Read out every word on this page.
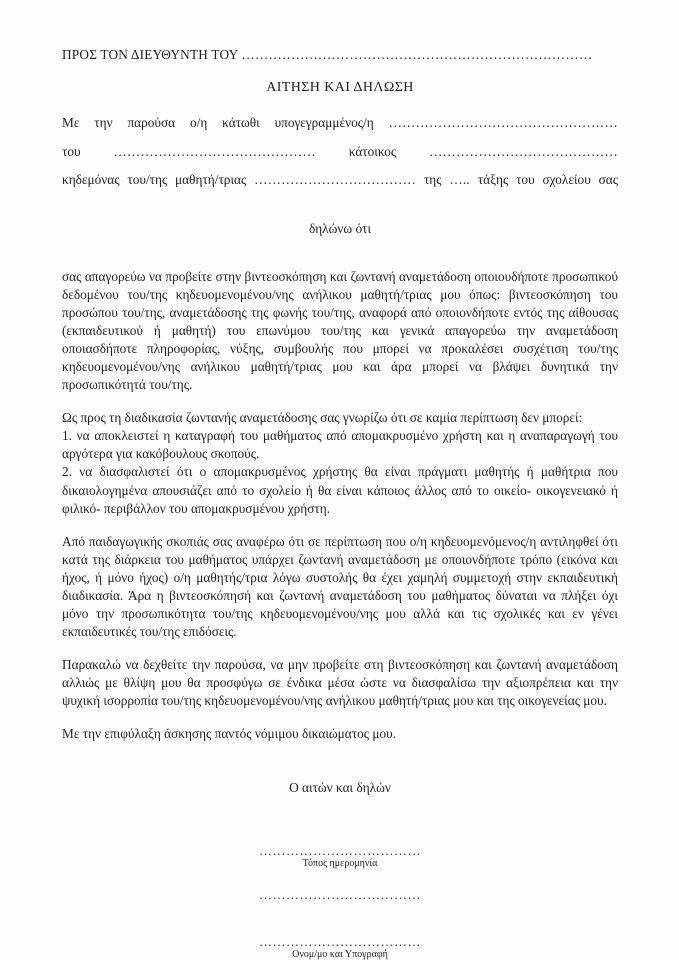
ΠΡΟΣ ΤΟΝ ΔΙΕΥΘΥΝΤΗ ΤΟΥ ……………………………………………………………………
ΑΙΤΗΣΗ ΚΑΙ ΔΗΛΩΣΗ
Με την παρούσα ο/η κάτωθι υπογεγραμμένος/η ……………………………………………
του ……………………………………… κάτοικος ……………………………………
κηδεμόνας του/της μαθητή/τριας ……………………………… της ….. τάξης του σχολείου σας
δηλώνω ότι
σας απαγορεύω να προβείτε στην βιντεοσκόπηση και ζωντανή αναμετάδοση οποιουδήποτε προσωπικού δεδομένου του/της κηδευομενομένου/νης ανήλικου μαθητή/τριας μου όπως: βιντεοσκόπηση του προσώπου του/της, αναμετάδοσης της φωνής του/της, αναφορά από οποιονδήποτε εντός της αίθουσας (εκπαιδευτικού ή μαθητή) του επωνύμου του/της και γενικά απαγορεύω την αναμετάδοση οποιασδήποτε πληροφορίας, νύξης, συμβουλής που μπορεί να προκαλέσει συσχέτιση του/της κηδευομενομένου/νης ανήλικου μαθητή/τριας μου και άρα μπορεί να βλάψει δυνητικά την προσωπικότητά του/της.
Ως προς τη διαδικασία ζωντανής αναμετάδοσης σας γνωρίζω ότι σε καμία περίπτωση δεν μπορεί:
1. να αποκλειστεί η καταγραφή του μαθήματος από απομακρυσμένο χρήστη και η αναπαραγωγή του αργότερα για κακόβουλους σκοπούς.
2. να διασφαλιστεί ότι ο απομακρυσμένος χρήστης θα είναι πράγματι μαθητής ή μαθήτρια που δικαιολογημένα απουσιάζει από το σχολείο ή θα είναι κάποιος άλλος από το οικείο- οικογενειακό ή φιλικό- περιβάλλον του απομακρυσμένου χρήστη.
Από παιδαγωγικής σκοπιάς σας αναφέρω ότι σε περίπτωση που ο/η κηδευομενόμενος/η αντιληφθεί ότι κατά της διάρκεια του μαθήματος υπάρχει ζωντανή αναμετάδοση με οποιονδήποτε τρόπο (εικόνα και ήχος, ή μόνο ήχος) ο/η μαθητής/τρια λόγω συστολής θα έχει χαμηλή συμμετοχή στην εκπαιδευτική διαδικασία. Άρα η βιντεοσκόπησή και ζωντανή αναμετάδοση του μαθήματος δύναται να πλήξει όχι μόνο την προσωπικότητα του/της κηδευομενομένου/νης μου αλλά και τις σχολικές και εν γένει εκπαιδευτικές του/της επιδόσεις.
Παρακαλώ να δεχθείτε την παρούσα, να μην προβείτε στη βιντεοσκόπηση και ζωντανή αναμετάδοση αλλιώς με θλίψη μου θα προσφύγω σε ένδικα μέσα ώστε να διασφαλίσω την αξιοπρέπεια και την ψυχική ισορροπία του/της κηδευομενομένου/νης ανήλικου μαθητή/τριας μου και της οικογενείας μου.
Με την επιφύλαξη άσκησης παντός νόμιμου δικαιώματος μου.
Ο αιτών και δηλών
………………………………
Τόπος ημερομηνία
………………………………
………………………………
Ονομ/μο και Υπογραφή
